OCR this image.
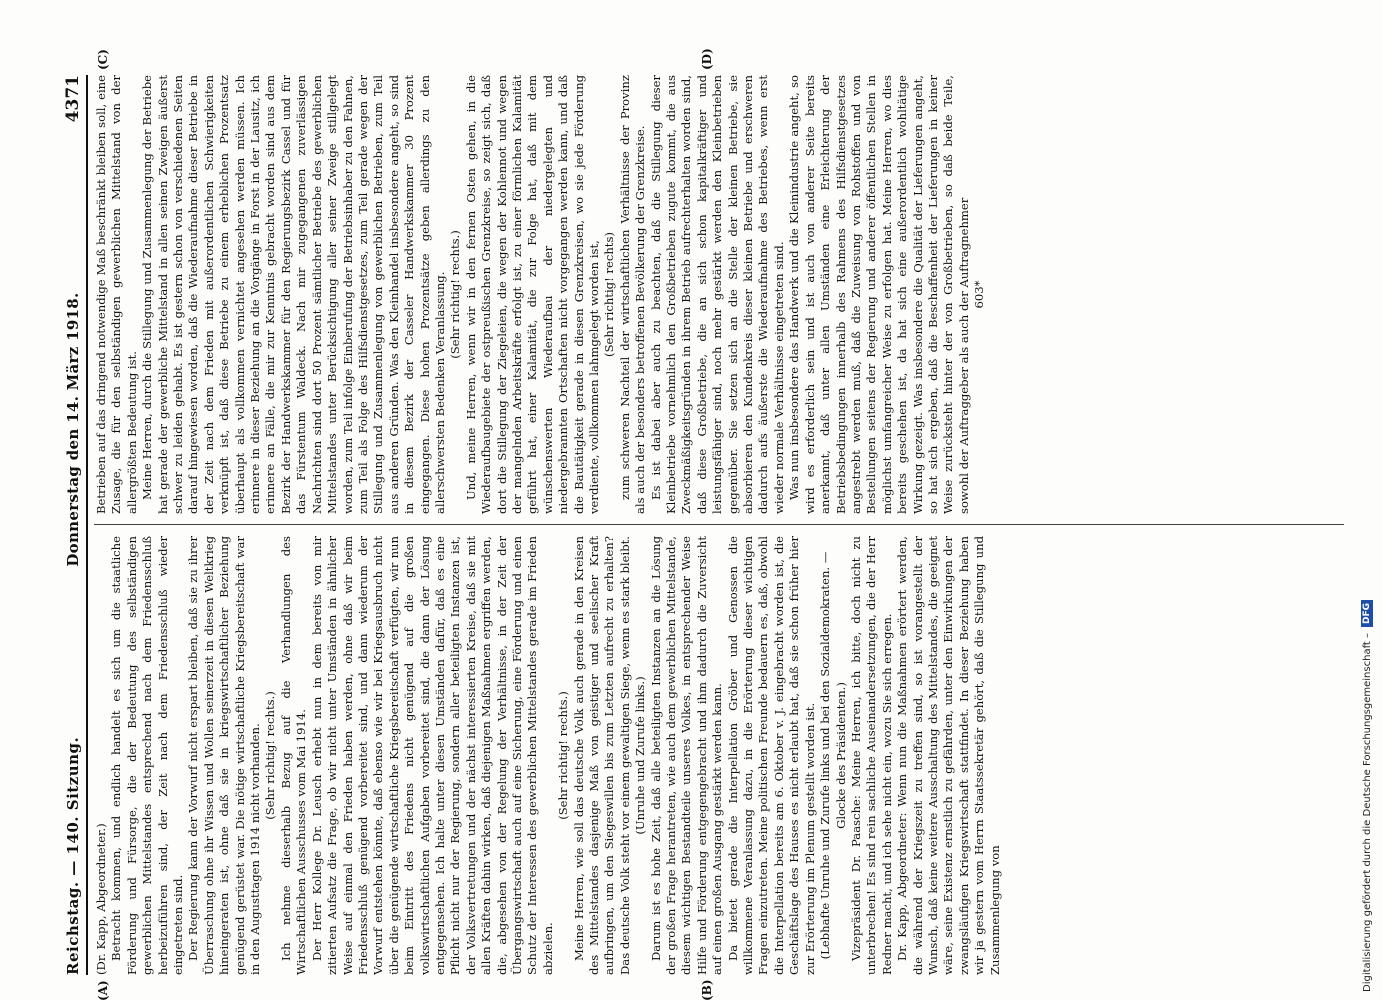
Reichstag. — 140. Sitzung.
Donnerstag den 14. März 1918.
4371
(A)	(B)
(C)	(D)

(Dr. Kapp, Abgeordneter.) Betracht kommen, und endlich handelt es sich um die staatliche Förderung und Fürsorge, die der Bedeutung des selbständigen gewerblichen Mittelstandes entsprechend nach dem Friedensschluß herbeizuführen sind, der Zeit nach dem Friedensschluß wieder eingetreten sind. Der Regierung kann der Vorwurf nicht erspart bleiben, daß sie zu ihrer Überraschung ohne ihr Wissen und Wollen seinerzeit in diesen Weltkrieg hineingeraten ist, ohne daß sie in kriegswirtschaftlicher Beziehung genügend gerüstet war. Die nötige wirtschaftliche Kriegsbereitschaft war in den Augusttagen 1914 nicht vorhanden. (Sehr richtig! rechts.) Ich nehme dieserhalb Bezug auf die Verhandlungen des Wirtschaftlichen Ausschusses vom Mai 1914. Der Herr Kollege Dr. Leusch erhebt nun in dem bereits von mir zitierten Aufsatz die Frage, ob wir nicht unter Umständen in ähnlicher Weise auf einmal den Frieden haben werden, ohne daß wir beim Friedensschluß genügend vorbereitet sind, und dann wiederum der Vorwurf entstehen könnte, daß ebenso wie wir bei Kriegsausbruch nicht über die genügende wirtschaftliche Kriegsbereitschaft verfügten, wir nun beim Eintritt des Friedens nicht genügend auf die großen volkswirtschaftlichen Aufgaben vorbereitet sind, die dann der Lösung entgegensehen. Ich halte unter diesen Umständen dafür, daß es eine Pflicht nicht nur der Regierung, sondern aller beteiligten Instanzen ist, der Volksvertretungen und der nächst interessierten Kreise, daß sie mit allen Kräften dahin wirken, daß diejenigen Maßnahmen ergriffen werden, die, abgesehen von der Regelung der Verhältnisse, in der Zeit der Übergangswirtschaft auch auf eine Sicherung, eine Förderung und einen Schutz der Interessen des gewerblichen Mittelstandes gerade im Frieden abzielen.

(Sehr richtig! rechts.) Meine Herren, wie soll das deutsche Volk auch gerade in den Kreisen des Mittelstandes dasjenige Maß von geistiger und seelischer Kraft aufbringen, um den Siegeswillen bis zum Letzten aufrecht zu erhalten? Das deutsche Volk steht vor einem gewaltigen Siege, wenn es stark bleibt. (Unruhe und Zurufe links.) Darum ist es hohe Zeit, daß alle beteiligten Instanzen an die Lösung der großen Frage herantreten, wie auch dem gewerblichen Mittelstande, diesem wichtigen Bestandteile unseres Volkes, in entsprechender Weise Hilfe und Förderung entgegengebracht und ihm dadurch die Zuversicht auf einen großen Ausgang gestärkt werden kann. Da bietet gerade die Interpellation Gröber und Genossen die willkommene Veranlassung dazu, in die Erörterung dieser wichtigen Fragen einzutreten. Meine politischen Freunde bedauern es, daß, obwohl die Interpellation bereits am 6. Oktober v. J. eingebracht worden ist, die Geschäftslage des Hauses es nicht erlaubt hat, daß sie schon früher hier zur Erörterung im Plenum gestellt worden ist. (Lebhafte Unruhe und Zurufe links und bei den Sozialdemokraten. — Glocke des Präsidenten.) Vizepräsident Dr. Paasche: Meine Herren, ich bitte, doch nicht zu unterbrechen! Es sind rein sachliche Auseinandersetzungen, die der Herr Redner macht, und ich sehe nicht ein, wozu Sie sich erregen. Dr. Kapp, Abgeordneter: Wenn nun die Maßnahmen erörtert werden, die während der Kriegszeit zu treffen sind, so ist vorangestellt der Wunsch, daß keine weitere Ausschaltung des Mittelstandes, die geeignet wäre, seine Existenz ernstlich zu gefährden, unter den Einwirkungen der zwangsläufigen Kriegswirtschaft stattfindet. In dieser Beziehung haben wir ja gestern vom Herrn Staatssekretär gehört, daß die Stillegung und Zusammenlegung von

Betrieben auf das dringend notwendige Maß beschränkt bleiben soll, eine Zusage, die für den selbständigen gewerblichen Mittelstand von der allergrößten Bedeutung ist. Meine Herren, durch die Stillegung und Zusammenlegung der Betriebe hat gerade der gewerbliche Mittelstand in allen seinen Zweigen äußerst schwer zu leiden gehabt. Es ist gestern schon von verschiedenen Seiten darauf hingewiesen worden, daß die Wiederaufnahme dieser Betriebe in der Zeit nach dem Frieden mit außerordentlichen Schwierigkeiten verknüpft ist, daß diese Betriebe zu einem erheblichen Prozentsatz überhaupt als vollkommen vernichtet angesehen werden müssen. Ich erinnere in dieser Beziehung an die Vorgänge in Forst in der Lausitz, ich erinnere an Fälle, die mir zur Kenntnis gebracht worden sind aus dem Bezirk der Handwerkskammer für den Regierungsbezirk Cassel und für das Fürstentum Waldeck. Nach mir zugegangenen zuverlässigen Nachrichten sind dort 50 Prozent sämtlicher Betriebe des gewerblichen Mittelstandes unter Berücksichtigung aller seiner Zweige stillgelegt worden, zum Teil infolge Einberufung der Betriebsinhaber zu den Fahnen, zum Teil als Folge des Hilfsdienstgesetzes, zum Teil gerade wegen der Stillegung und Zusammenlegung von gewerblichen Betrieben, zum Teil aus anderen Gründen. Was den Kleinhandel insbesondere angeht, so sind in diesem Bezirk der Casseler Handwerkskammer 30 Prozent eingegangen. Diese hohen Prozentsätze geben allerdings zu den allerschwersten Bedenken Veranlassung. (Sehr richtig! rechts.) Und, meine Herren, wenn wir in den fernen Osten gehen, in die Wiederaufbaugebiete der ostpreußischen Grenzkreise, so zeigt sich, daß dort die Stillegung der Ziegeleien, die wegen der Kohlennot und wegen der mangelnden Arbeitskräfte erfolgt ist, zu einer förmlichen Kalamität geführt hat, einer Kalamität, die zur Folge hat, daß mit dem wünschenswerten Wiederaufbau der niedergelegten und niedergebrannten Ortschaften nicht vorgegangen werden kann, und daß die Bautätigkeit gerade in diesen Grenzkreisen, wo sie jede Förderung verdiente, vollkommen lahmgelegt worden ist, (Sehr richtig! rechts) zum schweren Nachteil der wirtschaftlichen Verhältnisse der Provinz als auch der besonders betroffenen Bevölkerung der Grenzkreise. Es ist dabei aber auch zu beachten, daß die Stillegung dieser Kleinbetriebe vornehmlich den Großbetrieben zugute kommt, die aus Zweckmäßigkeitsgründen in ihrem Betrieb aufrechterhalten worden sind, daß diese Großbetriebe, die an sich schon kapitalkräftiger und leistungsfähiger sind, noch mehr gestärkt werden den Kleinbetrieben gegenüber. Sie setzen sich an die Stelle der kleinen Betriebe, sie absorbieren den Kundenkreis dieser kleinen Betriebe und erschweren dadurch aufs äußerste die Wiederaufnahme des Betriebes, wenn erst wieder normale Verhältnisse eingetreten sind. Was nun insbesondere das Handwerk und die Kleinindustrie angeht, so wird es erforderlich sein und ist auch von anderer Seite bereits anerkannt, daß unter allen Umständen eine Erleichterung der Betriebsbedingungen innerhalb des Rahmens des Hilfsdienstgesetzes angestrebt werden muß, daß die Zuweisung von Rohstoffen und von Bestellungen seitens der Regierung und anderer öffentlichen Stellen in möglichst umfangreicher Weise zu erfolgen hat. Meine Herren, wo dies bereits geschehen ist, da hat sich eine außerordentlich wohltätige Wirkung gezeigt. Was insbesondere die Qualität der Lieferungen angeht, so hat sich ergeben, daß die Beschaffenheit der Lieferungen in keiner Weise zurücksteht hinter der von Großbetrieben, so daß beide Teile, sowohl der Auftraggeber als auch der Auftragnehmer 603*

Digitalisierung gefördert durch die Deutsche Forschungsgemeinschaft –
DFG
